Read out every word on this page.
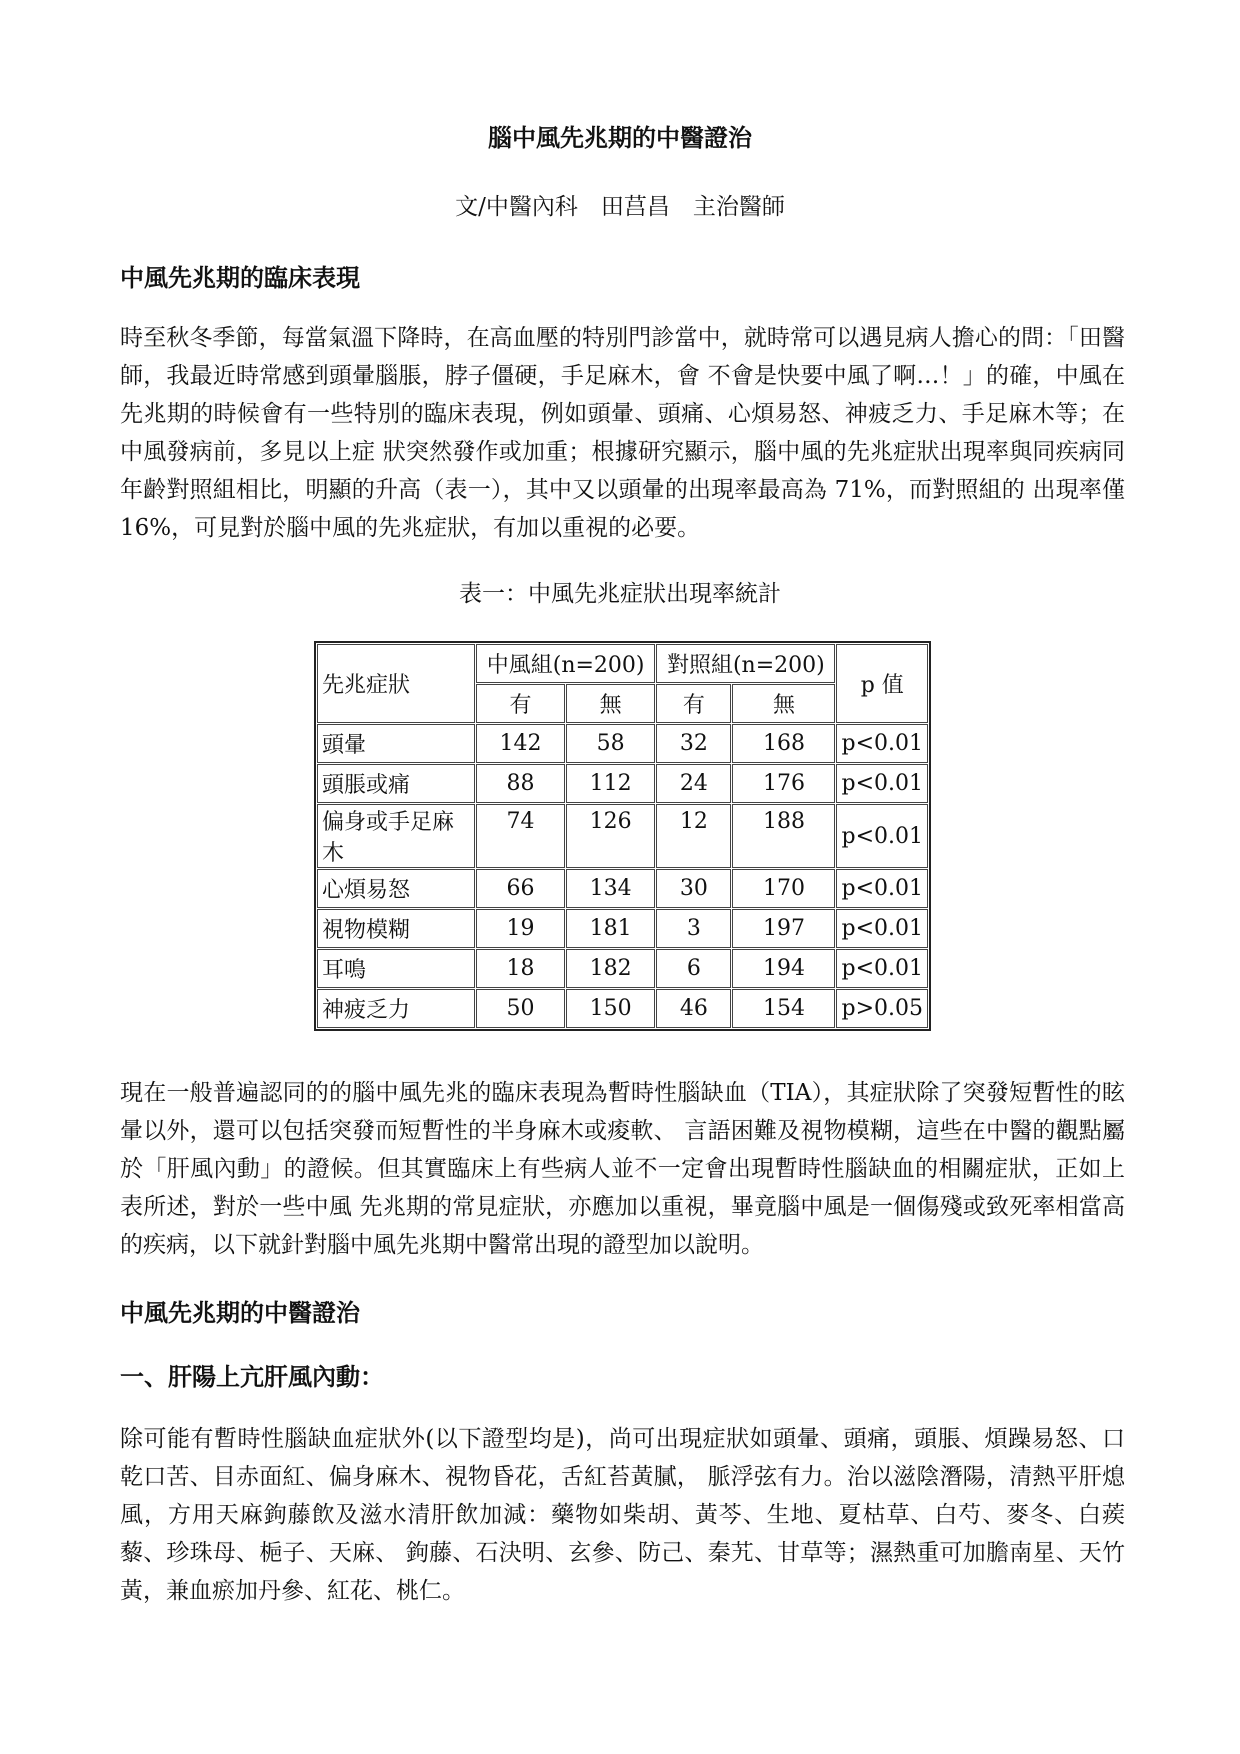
腦中風先兆期的中醫證治
文/中醫內科　田莒昌　主治醫師
中風先兆期的臨床表現
時至秋冬季節，每當氣溫下降時，在高血壓的特別門診當中，就時常可以遇見病人擔心的問：「田醫師，我最近時常感到頭暈腦脹，脖子僵硬，手足麻木，會 不會是快要中風了啊…！」的確，中風在先兆期的時候會有一些特別的臨床表現，例如頭暈、頭痛、心煩易怒、神疲乏力、手足麻木等；在中風發病前，多見以上症 狀突然發作或加重；根據研究顯示，腦中風的先兆症狀出現率與同疾病同年齡對照組相比，明顯的升高（表一），其中又以頭暈的出現率最高為 71%，而對照組的 出現率僅 16%，可見對於腦中風的先兆症狀，有加以重視的必要。
表一：中風先兆症狀出現率統計
先兆症狀	中風組(n=200)		對照組(n=200)		p 值
	有	無	有	無	
頭暈	142	58	32	168	p<0.01
頭脹或痛	88	112	24	176	p<0.01
偏身或手足麻木	74	126	12	188	p<0.01
心煩易怒	66	134	30	170	p<0.01
視物模糊	19	181	3	197	p<0.01
耳鳴	18	182	6	194	p<0.01
神疲乏力	50	150	46	154	p>0.05
現在一般普遍認同的的腦中風先兆的臨床表現為暫時性腦缺血（TIA），其症狀除了突發短暫性的眩暈以外，還可以包括突發而短暫性的半身麻木或痠軟、 言語困難及視物模糊，這些在中醫的觀點屬於「肝風內動」的證候。但其實臨床上有些病人並不一定會出現暫時性腦缺血的相關症狀，正如上表所述，對於一些中風 先兆期的常見症狀，亦應加以重視，畢竟腦中風是一個傷殘或致死率相當高的疾病，以下就針對腦中風先兆期中醫常出現的證型加以說明。
中風先兆期的中醫證治
一、肝陽上亢肝風內動：
除可能有暫時性腦缺血症狀外(以下證型均是)，尚可出現症狀如頭暈、頭痛，頭脹、煩躁易怒、口乾口苦、目赤面紅、偏身麻木、視物昏花，舌紅苔黃膩， 脈浮弦有力。治以滋陰潛陽，清熱平肝熄風，方用天麻鉤藤飲及滋水清肝飲加減：藥物如柴胡、黃芩、生地、夏枯草、白芍、麥冬、白蒺藜、珍珠母、梔子、天麻、 鉤藤、石決明、玄參、防己、秦艽、甘草等；濕熱重可加膽南星、天竹黃，兼血瘀加丹參、紅花、桃仁。
